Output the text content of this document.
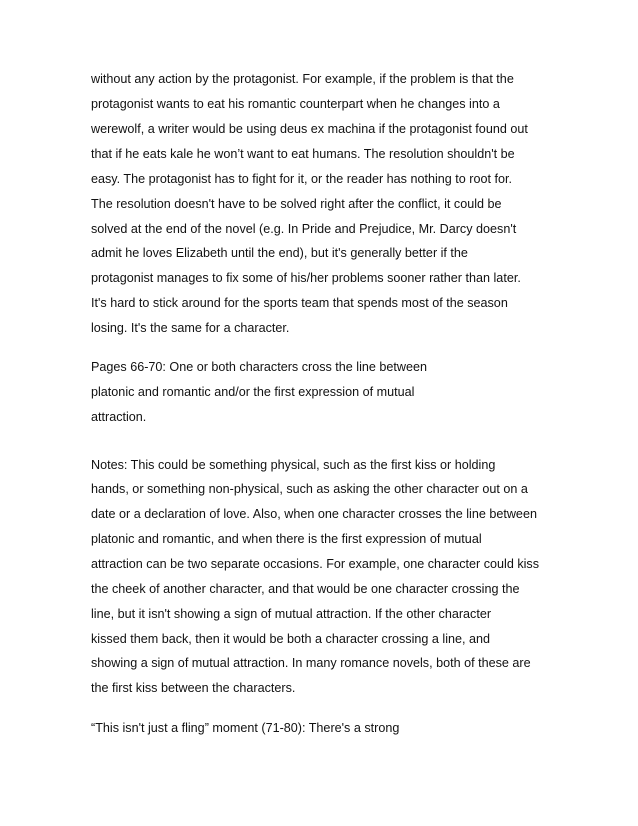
without any action by the protagonist. For example, if the problem is that the
protagonist wants to eat his romantic counterpart when he changes into a
werewolf, a writer would be using deus ex machina if the protagonist found out
that if he eats kale he won’t want to eat humans. The resolution shouldn't be
easy. The protagonist has to fight for it, or the reader has nothing to root for.
The resolution doesn't have to be solved right after the conflict, it could be
solved at the end of the novel (e.g. In Pride and Prejudice, Mr. Darcy doesn't
admit he loves Elizabeth until the end), but it's generally better if the
protagonist manages to fix some of his/her problems sooner rather than later.
It's hard to stick around for the sports team that spends most of the season
losing. It's the same for a character.
Pages 66-70: One or both characters cross the line between
platonic and romantic and/or the first expression of mutual
attraction.
Notes: This could be something physical, such as the first kiss or holding
hands, or something non-physical, such as asking the other character out on a
date or a declaration of love. Also, when one character crosses the line between
platonic and romantic, and when there is the first expression of mutual
attraction can be two separate occasions. For example, one character could kiss
the cheek of another character, and that would be one character crossing the
line, but it isn't showing a sign of mutual attraction. If the other character
kissed them back, then it would be both a character crossing a line, and
showing a sign of mutual attraction. In many romance novels, both of these are
the first kiss between the characters.
“This isn't just a fling” moment (71-80): There's a strong
